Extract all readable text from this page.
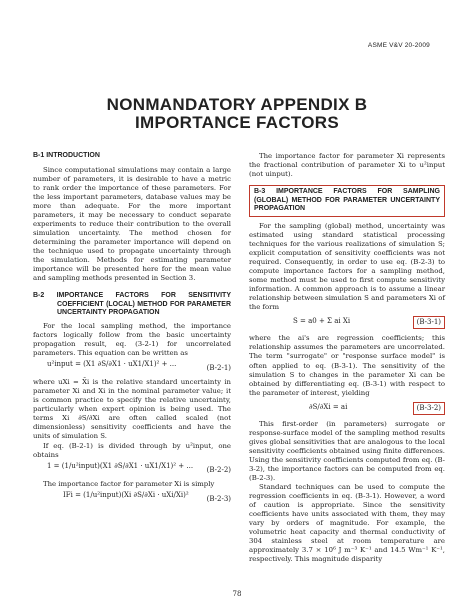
ASME V&V 20-2009
NONMANDATORY APPENDIX B
IMPORTANCE FACTORS
B-1 INTRODUCTION

Since computational simulations may contain a large number of parameters, it is desirable to have a metric to rank order the importance of these parameters. For the less important parameters, database values may be more than adequate. For the more important parameters, it may be necessary to conduct separate experiments to reduce their contribution to the overall simulation uncertainty. The method chosen for determining the parameter importance will depend on the technique used to propagate uncertainty through the simulation. Methods for estimating parameter importance will be presented here for the mean value and sampling methods presented in Section 3.

B-2 IMPORTANCE FACTORS FOR SENSITIVITY COEFFICIENT (LOCAL) METHOD FOR PARAMETER UNCERTAINTY PROPAGATION

For the local sampling method, the importance factors logically follow from the basic uncertainty propagation result, eq. (3-2-1) for uncorrelated parameters. This equation can be written as

u²input = (X1 ∂S/∂X1 · uX1/X1)² + ...	(B-2-1)

where uXi = X̄i is the relative standard uncertainty in parameter Xi and Xi in the nominal parameter value; it is common practice to specify the relative uncertainty, particularly when expert opinion is being used. The terms Xi ∂S/∂Xi are often called scaled (not dimensionless) sensitivity coefficients and have the units of simulation S.

If eq. (B-2-1) is divided through by u²input, one obtains

1 = (1/u²input)(X1 ∂S/∂X1 · uX1/X1)² + ... (B-2-2)

The importance factor for parameter Xi is simply

IFi = (1/u²input)(Xi ∂S/∂Xi · uXi/Xi)²	(B-2-3)

The importance factor for parameter Xi represents the fractional contribution of parameter Xi to u²input (not uinput).

B-3 IMPORTANCE FACTORS FOR SAMPLING (GLOBAL) METHOD FOR PARAMETER UNCERTAINTY PROPAGATION

For the sampling (global) method, uncertainty was estimated using standard statistical processing techniques for the various realizations of simulation S; explicit computation of sensitivity coefficients was not required. Consequently, in order to use eq. (B-2-3) to compute importance factors for a sampling method, some method must be used to first compute sensitivity information. A common approach is to assume a linear relationship between simulation S and parameters Xi of the form

S = a0 + Σ ai Xi	(B-3-1)

where the ai's are regression coefficients; this relationship assumes the parameters are uncorrelated. The term "surrogate" or "response surface model" is often applied to eq. (B-3-1). The sensitivity of the simulation S to changes in the parameter Xi can be obtained by differentiating eq. (B-3-1) with respect to the parameter of interest, yielding

∂S/∂Xi = ai	(B-3-2)

This first-order (in parameters) surrogate or response-surface model of the sampling method results gives global sensitivities that are analogous to the local sensitivity coefficients obtained using finite differences. Using the sensitivity coefficients computed from eq. (B-3-2), the importance factors can be computed from eq. (B-2-3).

Standard techniques can be used to compute the regression coefficients in eq. (B-3-1). However, a word of caution is appropriate. Since the sensitivity coefficients have units associated with them, they may vary by orders of magnitude. For example, the volumetric heat capacity and thermal conductivity of 304 stainless steel at room temperature are approximately 3.7 × 10⁶ J m⁻³ K⁻¹ and 14.5 Wm⁻¹ K⁻¹, respectively. This magnitude disparity

78
